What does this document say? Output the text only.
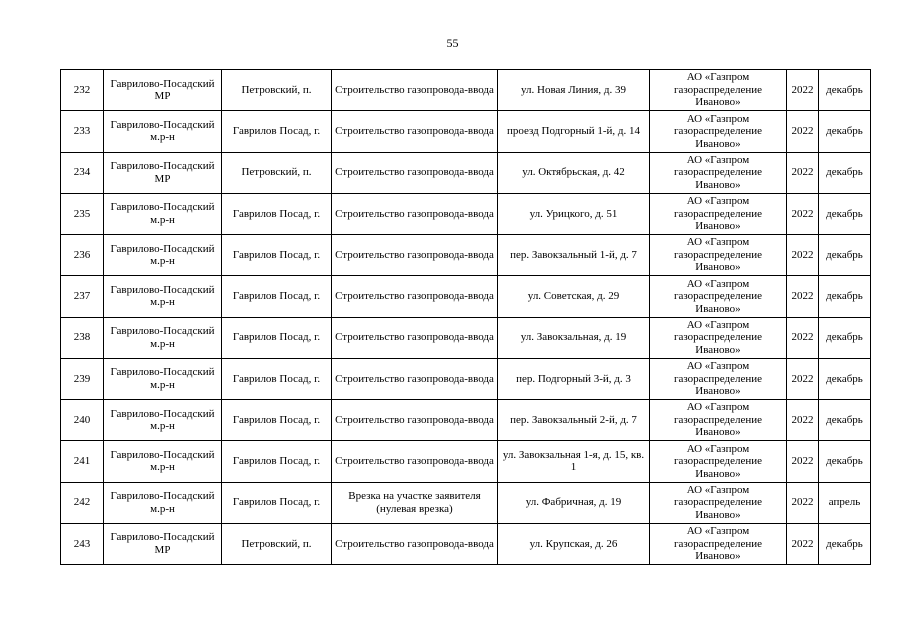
55
232	Гаврилово-Посадский МР	Петровский, п.	Строительство газопровода-ввода	ул. Новая Линия, д. 39	АО «Газпром газораспределение Иваново»	2022	декабрь
233	Гаврилово-Посадский м.р-н	Гаврилов Посад, г.	Строительство газопровода-ввода	проезд Подгорный 1-й, д. 14	АО «Газпром газораспределение Иваново»	2022	декабрь
234	Гаврилово-Посадский МР	Петровский, п.	Строительство газопровода-ввода	ул. Октябрьская, д. 42	АО «Газпром газораспределение Иваново»	2022	декабрь
235	Гаврилово-Посадский м.р-н	Гаврилов Посад, г.	Строительство газопровода-ввода	ул. Урицкого, д. 51	АО «Газпром газораспределение Иваново»	2022	декабрь
236	Гаврилово-Посадский м.р-н	Гаврилов Посад, г.	Строительство газопровода-ввода	пер. Завокзальный 1-й, д. 7	АО «Газпром газораспределение Иваново»	2022	декабрь
237	Гаврилово-Посадский м.р-н	Гаврилов Посад, г.	Строительство газопровода-ввода	ул. Советская, д. 29	АО «Газпром газораспределение Иваново»	2022	декабрь
238	Гаврилово-Посадский м.р-н	Гаврилов Посад, г.	Строительство газопровода-ввода	ул. Завокзальная, д. 19	АО «Газпром газораспределение Иваново»	2022	декабрь
239	Гаврилово-Посадский м.р-н	Гаврилов Посад, г.	Строительство газопровода-ввода	пер. Подгорный 3-й, д. 3	АО «Газпром газораспределение Иваново»	2022	декабрь
240	Гаврилово-Посадский м.р-н	Гаврилов Посад, г.	Строительство газопровода-ввода	пер. Завокзальный 2-й, д. 7	АО «Газпром газораспределение Иваново»	2022	декабрь
241	Гаврилово-Посадский м.р-н	Гаврилов Посад, г.	Строительство газопровода-ввода	ул. Завокзальная 1-я, д. 15, кв. 1	АО «Газпром газораспределение Иваново»	2022	декабрь
242	Гаврилово-Посадский м.р-н	Гаврилов Посад, г.	Врезка на участке заявителя (нулевая врезка)	ул. Фабричная, д. 19	АО «Газпром газораспределение Иваново»	2022	апрель
243	Гаврилово-Посадский МР	Петровский, п.	Строительство газопровода-ввода	ул. Крупская, д. 26	АО «Газпром газораспределение Иваново»	2022	декабрь
